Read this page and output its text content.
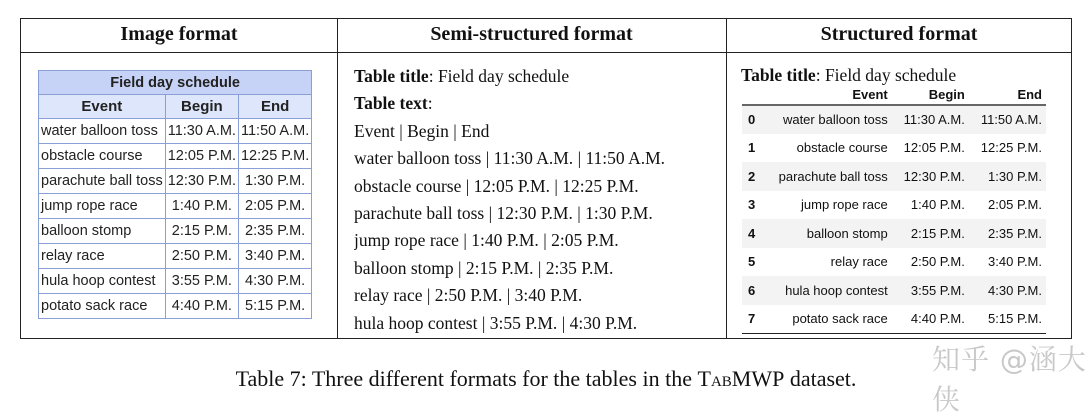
Image format	Semi-structured format	Structured format
Field day schedule		
Event	Begin	End
water balloon toss	11:30 A.M.	11:50 A.M.
obstacle course	12:05 P.M.	12:25 P.M.
parachute ball toss	12:30 P.M.	1:30 P.M.
jump rope race	1:40 P.M.	2:05 P.M.
balloon stomp	2:15 P.M.	2:35 P.M.
relay race	2:50 P.M.	3:40 P.M.
hula hoop contest	3:55 P.M.	4:30 P.M.
potato sack race	4:40 P.M.	5:15 P.M.
Table title: Field day schedule
Table text:
Event | Begin | End
water balloon toss | 11:30 A.M. | 11:50 A.M.
obstacle course | 12:05 P.M. | 12:25 P.M.
parachute ball toss | 12:30 P.M. | 1:30 P.M.
jump rope race | 1:40 P.M. | 2:05 P.M.
balloon stomp | 2:15 P.M. | 2:35 P.M.
relay race | 2:50 P.M. | 3:40 P.M.
hula hoop contest | 3:55 P.M. | 4:30 P.M.
Table title: Field day schedule
	Event	Begin	End
0	water balloon toss	11:30 A.M.	11:50 A.M.
1	obstacle course	12:05 P.M.	12:25 P.M.
2	parachute ball toss	12:30 P.M.	1:30 P.M.
3	jump rope race	1:40 P.M.	2:05 P.M.
4	balloon stomp	2:15 P.M.	2:35 P.M.
5	relay race	2:50 P.M.	3:40 P.M.
6	hula hoop contest	3:55 P.M.	4:30 P.M.
7	potato sack race	4:40 P.M.	5:15 P.M.
Table 7: Three different formats for the tables in the TabMWP dataset.
知乎 @涵大侠
